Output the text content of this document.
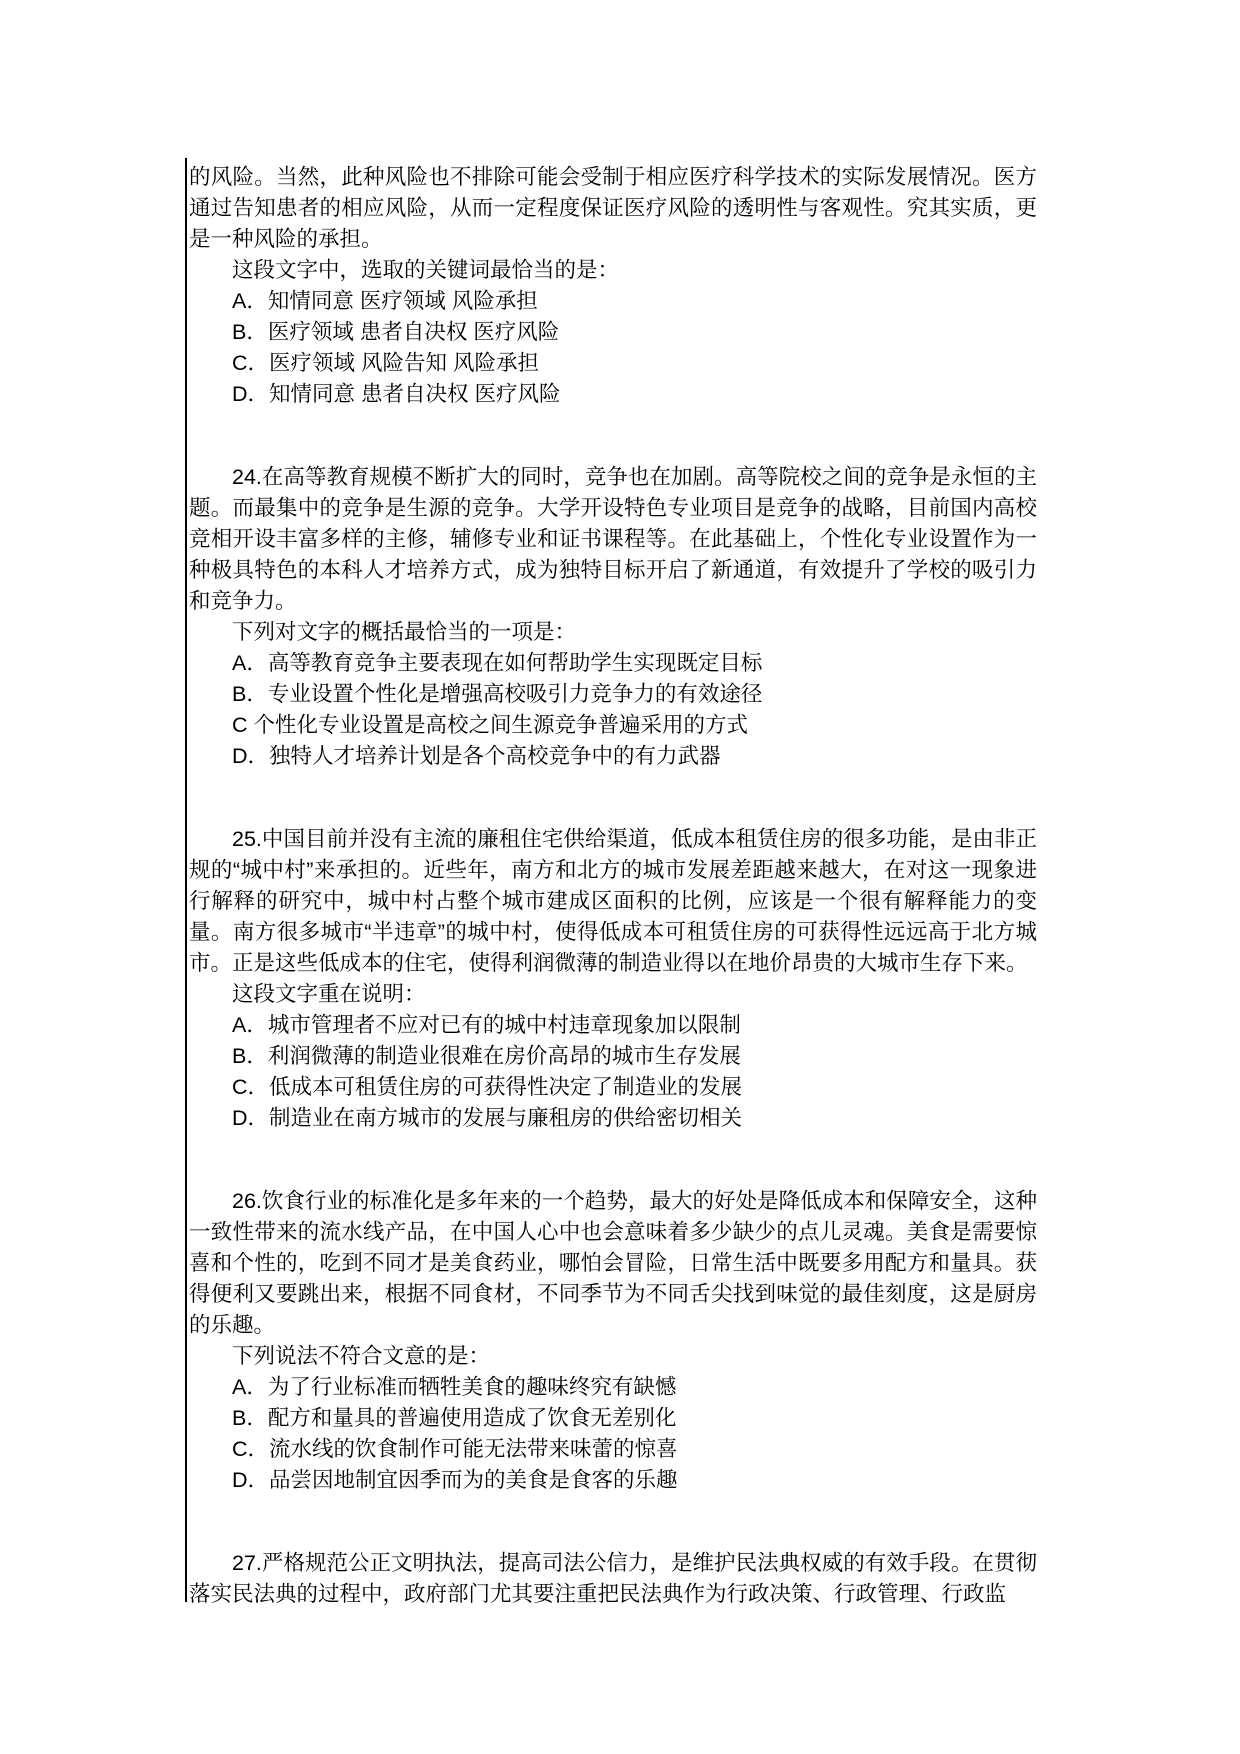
的风险。当然，此种风险也不排除可能会受制于相应医疗科学技术的实际发展情况。医方通过告知患者的相应风险，从而一定程度保证医疗风险的透明性与客观性。究其实质，更是一种风险的承担。

这段文字中，选取的关键词最恰当的是：

A．知情同意 医疗领域 风险承担

B．医疗领域 患者自决权 医疗风险

C．医疗领域 风险告知 风险承担

D．知情同意 患者自决权 医疗风险

24.在高等教育规模不断扩大的同时，竞争也在加剧。高等院校之间的竞争是永恒的主题。而最集中的竞争是生源的竞争。大学开设特色专业项目是竞争的战略，目前国内高校竞相开设丰富多样的主修，辅修专业和证书课程等。在此基础上，个性化专业设置作为一种极具特色的本科人才培养方式，成为独特目标开启了新通道，有效提升了学校的吸引力和竞争力。

下列对文字的概括最恰当的一项是：

A．高等教育竞争主要表现在如何帮助学生实现既定目标

B．专业设置个性化是增强高校吸引力竞争力的有效途径

C 个性化专业设置是高校之间生源竞争普遍采用的方式

D．独特人才培养计划是各个高校竞争中的有力武器

25.中国目前并没有主流的廉租住宅供给渠道，低成本租赁住房的很多功能，是由非正规的“城中村”来承担的。近些年，南方和北方的城市发展差距越来越大，在对这一现象进行解释的研究中，城中村占整个城市建成区面积的比例，应该是一个很有解释能力的变量。南方很多城市“半违章”的城中村，使得低成本可租赁住房的可获得性远远高于北方城市。正是这些低成本的住宅，使得利润微薄的制造业得以在地价昂贵的大城市生存下来。

这段文字重在说明：

A．城市管理者不应对已有的城中村违章现象加以限制

B．利润微薄的制造业很难在房价高昂的城市生存发展

C．低成本可租赁住房的可获得性决定了制造业的发展

D．制造业在南方城市的发展与廉租房的供给密切相关

26.饮食行业的标准化是多年来的一个趋势，最大的好处是降低成本和保障安全，这种一致性带来的流水线产品，在中国人心中也会意味着多少缺少的点儿灵魂。美食是需要惊喜和个性的，吃到不同才是美食药业，哪怕会冒险，日常生活中既要多用配方和量具。获得便利又要跳出来，根据不同食材，不同季节为不同舌尖找到味觉的最佳刻度，这是厨房的乐趣。

下列说法不符合文意的是：

A．为了行业标准而牺牲美食的趣味终究有缺憾

B．配方和量具的普遍使用造成了饮食无差别化

C．流水线的饮食制作可能无法带来味蕾的惊喜

D．品尝因地制宜因季而为的美食是食客的乐趣

27.严格规范公正文明执法，提高司法公信力，是维护民法典权威的有效手段。在贯彻落实民法典的过程中，政府部门尤其要注重把民法典作为行政决策、行政管理、行政监
